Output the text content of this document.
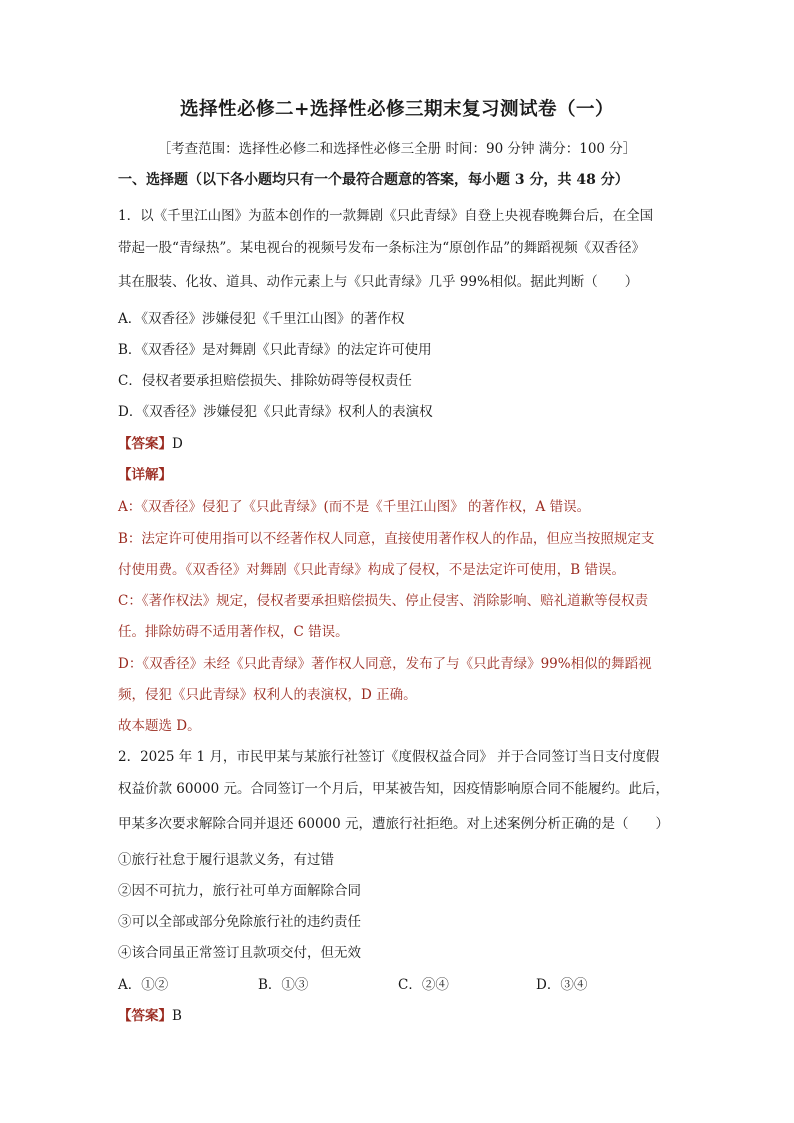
选择性必修二+选择性必修三期末复习测试卷（一）
［考查范围：选择性必修二和选择性必修三全册 时间：90 分钟 满分：100 分］
一、选择题（以下各小题均只有一个最符合题意的答案，每小题 3 分，共 48 分）
1．以《千里江山图》为蓝本创作的一款舞剧《只此青绿》自登上央视春晚舞台后，在全国
带起一股“青绿热”。某电视台的视频号发布一条标注为“原创作品”的舞蹈视频《双香径》
其在服装、化妆、道具、动作元素上与《只此青绿》几乎 99%相似。据此判断（　　）
A．《双香径》涉嫌侵犯《千里江山图》的著作权
B．《双香径》是对舞剧《只此青绿》的法定许可使用
C．侵权者要承担赔偿损失、排除妨碍等侵权责任
D．《双香径》涉嫌侵犯《只此青绿》权利人的表演权
【答案】D
【详解】
A：《双香径》侵犯了《只此青绿》(而不是《千里江山图》 的著作权，A 错误。
B：法定许可使用指可以不经著作权人同意，直接使用著作权人的作品，但应当按照规定支
付使用费。《双香径》对舞剧《只此青绿》构成了侵权，不是法定许可使用，B 错误。
C：《著作权法》规定，侵权者要承担赔偿损失、停止侵害、消除影响、赔礼道歉等侵权责
任。排除妨碍不适用著作权，C 错误。
D：《双香径》未经《只此青绿》著作权人同意，发布了与《只此青绿》99%相似的舞蹈视
频，侵犯《只此青绿》权利人的表演权，D 正确。
故本题选 D。
2．2025 年 1 月，市民甲某与某旅行社签订《度假权益合同》 并于合同签订当日支付度假
权益价款 60000 元。合同签订一个月后，甲某被告知，因疫情影响原合同不能履约。此后，
甲某多次要求解除合同并退还 60000 元，遭旅行社拒绝。对上述案例分析正确的是（　　）
①旅行社怠于履行退款义务，有过错
②因不可抗力，旅行社可单方面解除合同
③可以全部或部分免除旅行社的违约责任
④该合同虽正常签订且款项交付，但无效
A．①②	B．①③	C．②④	D．③④
【答案】B
